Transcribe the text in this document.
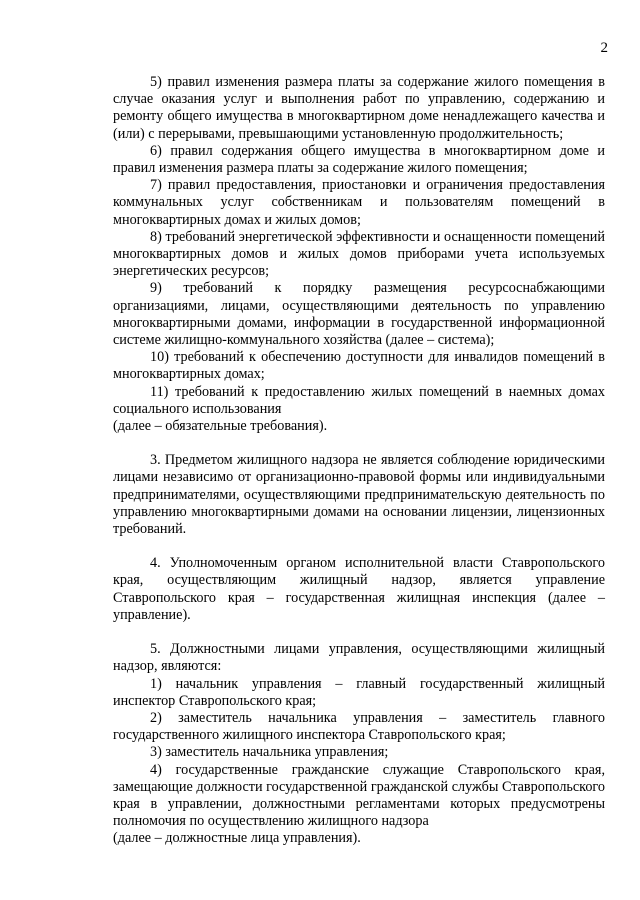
2

5) правил изменения размера платы за содержание жилого помещения в случае оказания услуг и выполнения работ по управлению, содержанию и ремонту общего имущества в многоквартирном доме ненадлежащего качества и (или) с перерывами, превышающими установленную продолжительность;

6) правил содержания общего имущества в многоквартирном доме и правил изменения размера платы за содержание жилого помещения;

7) правил предоставления, приостановки и ограничения предоставления коммунальных услуг собственникам и пользователям помещений в многоквартирных домах и жилых домов;

8) требований энергетической эффективности и оснащенности помещений многоквартирных домов и жилых домов приборами учета используемых энергетических ресурсов;

9) требований к порядку размещения ресурсоснабжающими организациями, лицами, осуществляющими деятельность по управлению многоквартирными домами, информации в государственной информационной системе жилищно-коммунального хозяйства (далее – система);

10) требований к обеспечению доступности для инвалидов помещений в многоквартирных домах;

11) требований к предоставлению жилых помещений в наемных домах социального использования

(далее – обязательные требования).

3. Предметом жилищного надзора не является соблюдение юридическими лицами независимо от организационно-правовой формы или индивидуальными предпринимателями, осуществляющими предпринимательскую деятельность по управлению многоквартирными домами на основании лицензии, лицензионных требований.

4. Уполномоченным органом исполнительной власти Ставропольского края, осуществляющим жилищный надзор, является управление Ставропольского края – государственная жилищная инспекция (далее – управление).

5. Должностными лицами управления, осуществляющими жилищный надзор, являются:

1) начальник управления – главный государственный жилищный инспектор Ставропольского края;

2) заместитель начальника управления – заместитель главного государственного жилищного инспектора Ставропольского края;

3) заместитель начальника управления;

4) государственные гражданские служащие Ставропольского края, замещающие должности государственной гражданской службы Ставропольского края в управлении, должностными регламентами которых предусмотрены полномочия по осуществлению жилищного надзора

(далее – должностные лица управления).
